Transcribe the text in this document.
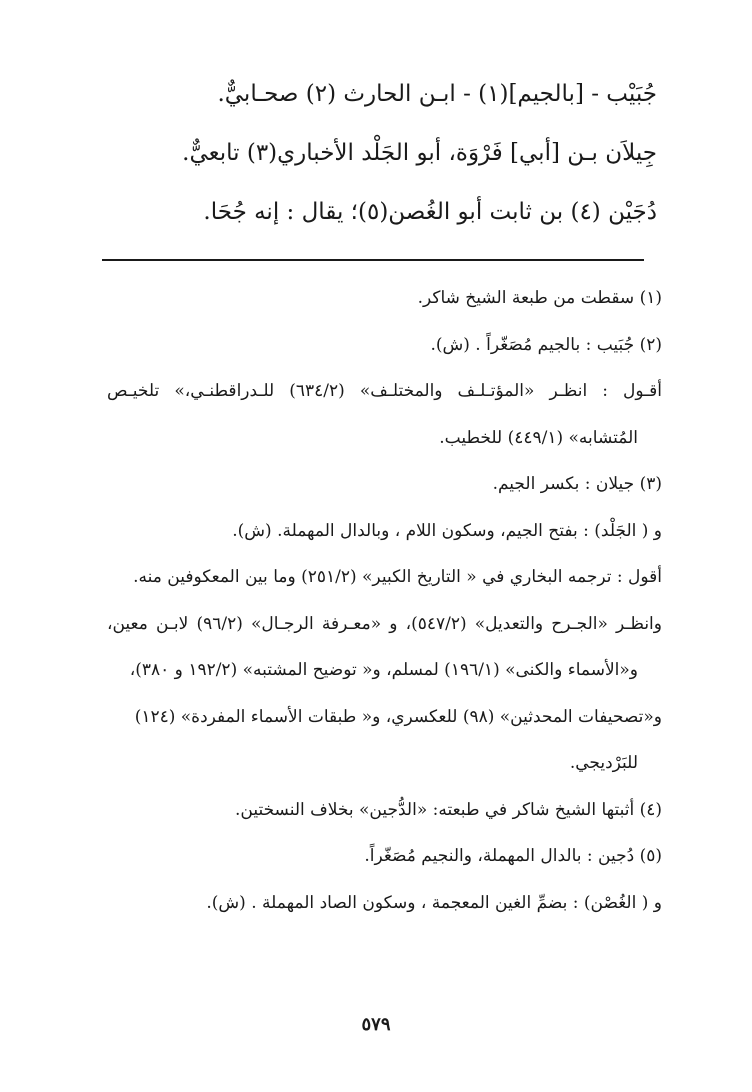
جُبَيْب - [بالجيم](١) - ابـن الحارث (٢) صحـابيٌّ.
جِيلاَن بـن [أبي] فَرْوَة، أبو الجَلْد الأخباري(٣) تابعيٌّ.
دُجَيْن (٤) بن ثابت أبو الغُصن(٥)؛ يقال : إنه جُحَا.
(١) سقطت من طبعة الشيخ شاكر.
(٢) جُبَيب : بالجيم مُصَغّراً . (ش).
أقـول : انظـر «المؤتـلـف والمختلـف» (٦٣٤/٢) للـدراقطنـي،» تلخيـص
المُتشابه» (٤٤٩/١) للخطيب.
(٣) جيلان : بكسر الجيم.
و ( الجَلْد) : بفتح الجيم، وسكون اللام ، وبالدال المهملة. (ش).
أقول : ترجمه البخاري في « التاريخ الكبير» (٢٥١/٢) وما بين المعكوفين منه.
وانظـر «الجـرح والتعديل» (٥٤٧/٢)، و «معـرفة الرجـال» (٩٦/٢) لابـن معين،
و«الأسماء والكنى» (١٩٦/١) لمسلم، و« توضيح المشتبه» (١٩٢/٢ و ٣٨٠)،
و«تصحيفات المحدثين» (٩٨) للعكسري، و« طبقات الأسماء المفردة» (١٢٤)
للبَرْديجي.
(٤) أثبتها الشيخ شاكر في طبعته: «الدُّجين» بخلاف النسختين.
(٥) دُجين : بالدال المهملة، والنجيم مُصَغّراً.
و ( الغُصْن) : بضمِّ الغين المعجمة ، وسكون الصاد المهملة . (ش).
٥٧٩
